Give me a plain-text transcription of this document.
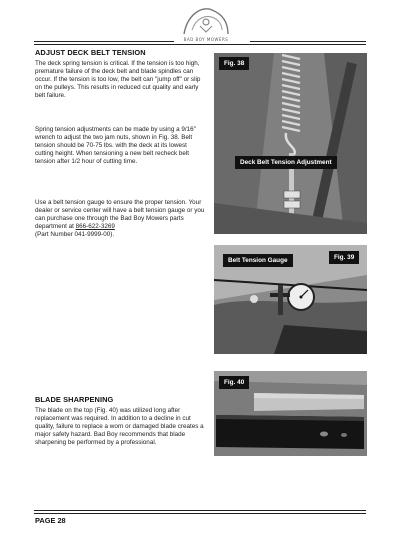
BAD BOY MOWERS
ADJUST DECK BELT TENSION

The deck spring tension is critical. If the tension is too high, premature failure of the deck belt and blade spindles can occur. If the tension is too low, the belt can "jump off" or slip on the pulleys. This results in reduced cut quality and early belt failure.

Spring tension adjustments can be made by using a 9/16" wrench to adjust the two jam nuts, shown in Fig. 38. Belt tension should be 70-75 lbs. with the deck at its lowest cutting height. When tensioning a new belt recheck belt tension after 1/2 hour of cutting time.

Use a belt tension gauge to ensure the proper tension. Your dealer or service center will have a belt tension gauge or you can purchase one through the Bad Boy Mowers parts department at 866-622-3269
(Part Number 041-9999-00).

Fig. 38
Deck Belt Tension Adjustment
Belt Tension Gauge	Fig. 39
BLADE SHARPENING

The blade on the top (Fig. 40) was utilized long after replacement was required. In addition to a decline in cut quality, failure to replace a worn or damaged blade creates a major safety hazard. Bad Boy recommends that blade sharpening be performed by a professional.

Fig. 40
PAGE 28
